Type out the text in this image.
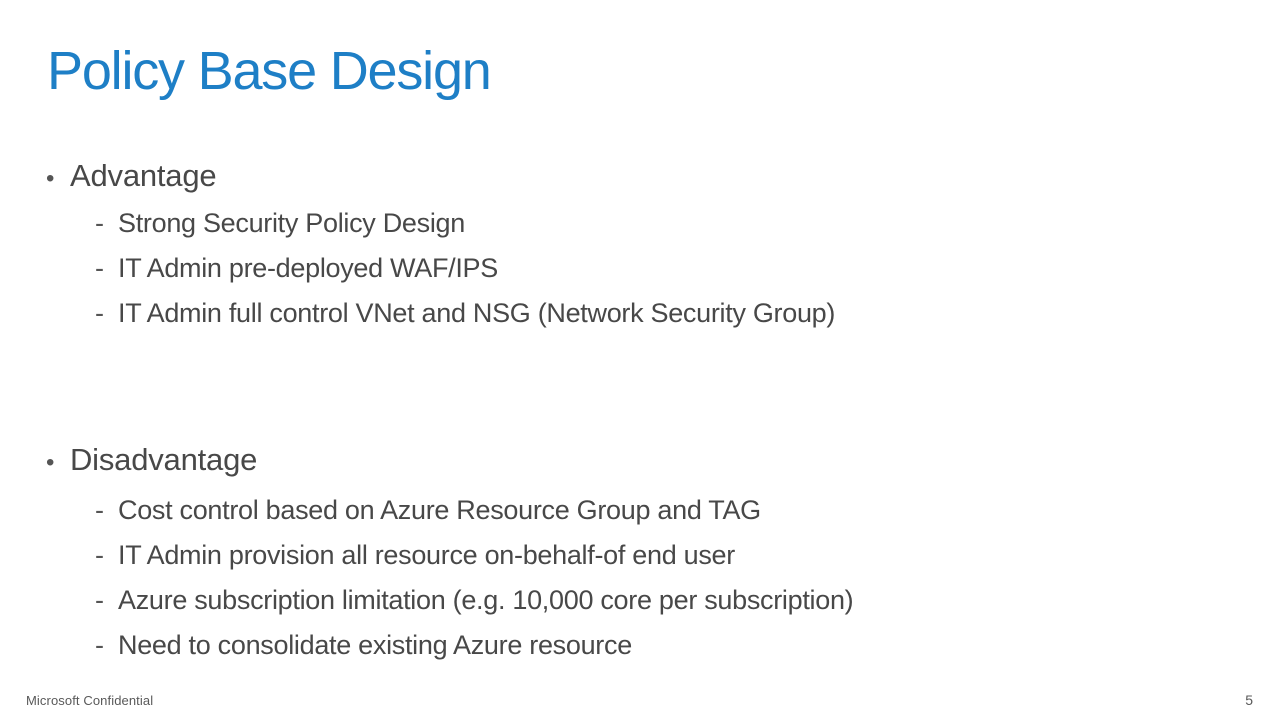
Policy Base Design
• Advantage
- Strong Security Policy Design
- IT Admin pre-deployed WAF/IPS
- IT Admin full control VNet and NSG (Network Security Group)
• Disadvantage
- Cost control based on Azure Resource Group and TAG
- IT Admin provision all resource on-behalf-of end user
- Azure subscription limitation (e.g. 10,000 core per subscription)
- Need to consolidate existing Azure resource
Microsoft Confidential	5
